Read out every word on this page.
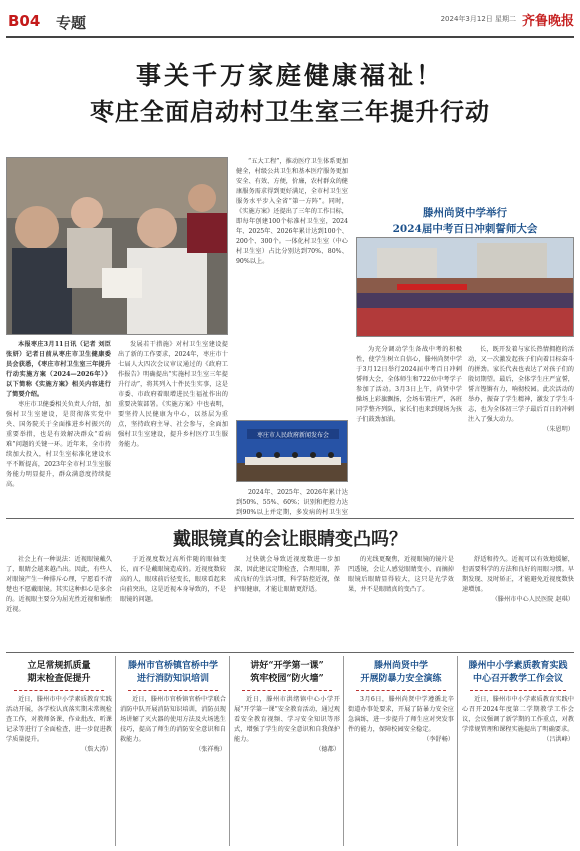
B04 专题	2024年3月12日 星期二 齐鲁晚报
事关千万家庭健康福祉！
枣庄全面启动村卫生室三年提升行动

本报枣庄3月11日讯（记者 刘臣 张妍）记者日前从枣庄市卫生健康委员会获悉，《枣庄市村卫生室三年提升行动实施方案（2024—2026年）》以下简称《实施方案》相关内容进行了简要介绍。

枣庄市卫健委相关负责人介绍，加强村卫生室建设，是贯彻落实党中央、国务院关于全面推进乡村振兴的重要举措，也是有效解决群众“看病难”问题的关键一环。近年来，全市持续加大投入，村卫生室标准化建设水平不断提高，2023年全市村卫生室服务能力明显提升，群众满意度持续提高。

发展若干措施》对村卫生室建设提出了新的工作要求，2024年，枣庄市十七届人大四次会议审议通过的《政府工作报告》明确提出“实施村卫生室三年提升行动”，将其列入十件民生实事，这是市委、市政府着眼增进民生福祉作出的重要决策部署。《实施方案》中也表明，要坚持人民健康为中心，以基层为重点，坚持政府主导、社会参与，全面加强村卫生室建设，提升乡村医疗卫生服务能力。

“五大工程”，推动医疗卫生体系更加健全，村级公共卫生和基本医疗服务更加安全、有效、方便，价廉，农村群众的健康服务需求得到更好满足，全市村卫生室服务水平步入全省“第一方阵”。同时，《实施方案》还提出了三年的工作目标，即每年创建100个标准村卫生室，2024年、2025年、2026年累计达到100个、200个、300个。一体化村卫生室（中心村卫生室）占比分别达到70%、80%、90%以上。

枣庄市人民政府新闻发布会

2024年、2025年、2026年累计达到50%、55%、60%；识别和把控力达到90%以上并定期，多发病的村卫生室

滕州尚贤中学举行
2024届中考百日冲刺誓师大会

为充分调动学生备战中考的积极性，使学生树立自信心，滕州尚贤中学于3月12日举行2024届中考百日冲刺誓师大会，全体师生和722位中考学子参加了活动。3月3日上午，尚贤中学操场上彩旗飘扬，会场布置庄严，各班同学整齐列队，家长们也来到现场为孩子们鼓劲加油。

长，既开发着与家长热情拥抱的活动，又一次激发起孩子们向着目标奋斗的拼劲。家长代表也表达了对孩子们的殷切期望。最后，全体学生庄严宣誓，誓言铿锵有力，响彻校园。此次活动的举办，振奋了学生精神，激发了学生斗志，也为全体初三学子最后百日的冲刺注入了强大动力。

（朱恩明）
戴眼镜真的会让眼睛变凸吗？

社会上有一种说法：近视眼镜戴久了，眼睛会越来越凸出。因此，有些人对眼镜产生一种排斥心理，宁愿看不清楚也不愿戴眼镜。其实这种担心是多余的。近视眼主要分为屈光性近视和轴性近视。

于近视度数过高所伴随的眼轴变长，而不是戴眼镜造成的。近视度数较高的人，眼球前后径变长，眼球看起来向前突出，这是近视本身导致的，不是眼镜的问题。

过快就会导致近视度数进一步加深，因此建议定期检查，合理用眼，养成良好的生活习惯，科学防控近视，保护眼健康，才能让眼睛更舒适。

的光线更聚焦，近视眼镜的镜片是凹透镜，会让人感觉眼睛变小，而摘掉眼镜后眼睛显得较大，这只是光学效果，并不是眼睛真的变凸了。

舒适和持久。近视可以有效地缓解，但需要科学的方法和良好的用眼习惯。早期发现、及时矫正，才能避免近视度数快速增加。

（滕州市中心人民医院 赵琪）
立足常规抓质量
期末检查促提升

近日，滕州市中小学素质教育实践活动开展，各学校认真落实期末常规检查工作，对教师备课、作业批改、听课记录等进行了全面检查，进一步促进教学质量提升。

（詹大涛）
滕州市官桥镇官桥中学
进行消防知识培训

近日，滕州市官桥镇官桥中学联合消防中队开展消防知识培训，消防员现场讲解了灭火器的使用方法及火场逃生技巧，提高了师生的消防安全意识和自救能力。

（张祥梅）
讲好“开学第一课”
筑牢校园“防火墙”

近日，滕州市洪绪镇中心小学开展“开学第一课”安全教育活动，通过观看安全教育视频、学习安全知识等形式，增强了学生的安全意识和自我保护能力。

（德都）
滕州尚贤中学
开展防暴力安全演练

3月6日，滕州尚贤中学遵循北辛街道办事处要求，开展了防暴力安全应急演练，进一步提升了师生应对突发事件的能力，保障校园安全稳定。

（李舒畅）
滕州中小学素质教育实践
中心召开教学工作会议

近日，滕州市中小学素质教育实践中心召开2024年度第二学期教学工作会议，会议强调了新学期的工作重点，对教学常规管理和课程实施提出了明确要求。

（吕洪峰）
